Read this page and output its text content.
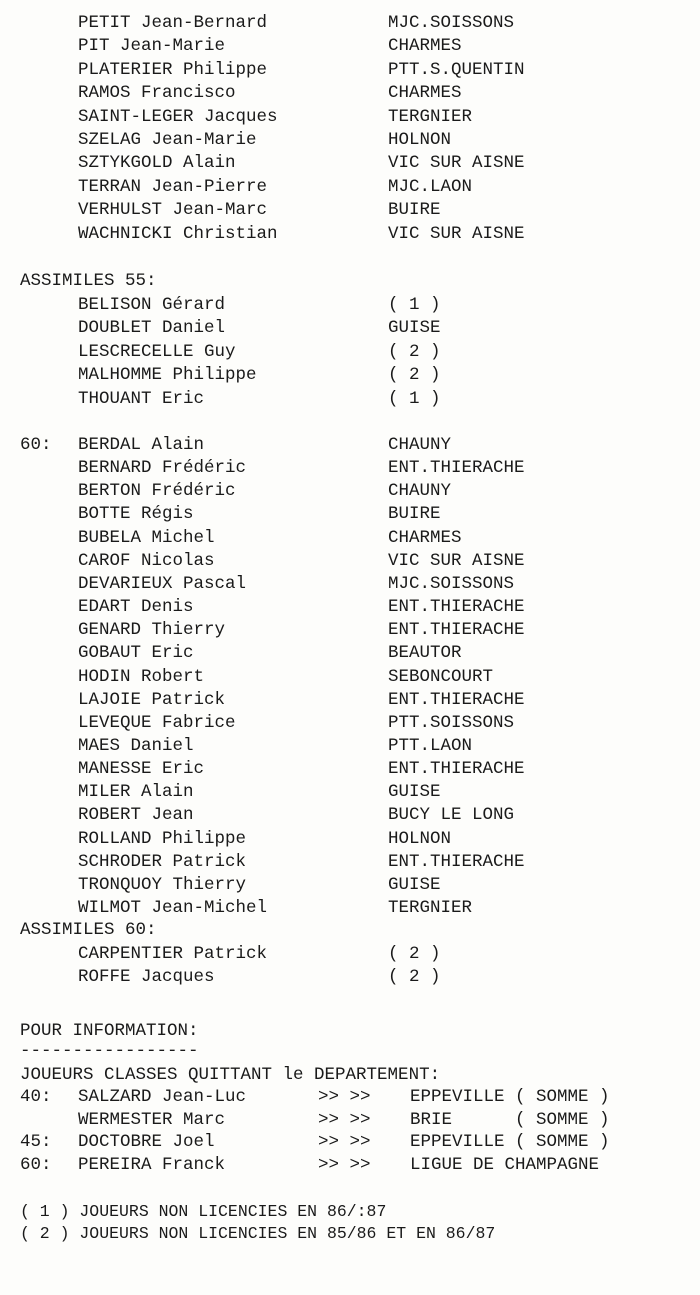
PETIT Jean-Bernard	MJC.SOISSONS
PIT Jean-Marie	CHARMES
PLATERIER Philippe	PTT.S.QUENTIN
RAMOS Francisco	CHARMES
SAINT-LEGER Jacques	TERGNIER
SZELAG Jean-Marie	HOLNON
SZTYKGOLD Alain	VIC SUR AISNE
TERRAN Jean-Pierre	MJC.LAON
VERHULST Jean-Marc	BUIRE
WACHNICKI Christian	VIC SUR AISNE
ASSIMILES 55:
BELISON Gérard	( 1 )
DOUBLET Daniel	GUISE
LESCRECELLE Guy	( 2 )
MALHOMME Philippe	( 2 )
THOUANT Eric	( 1 )
60: BERDAL Alain	CHAUNY
BERNARD Frédéric	ENT.THIERACHE
BERTON Frédéric	CHAUNY
BOTTE Régis	BUIRE
BUBELA Michel	CHARMES
CAROF Nicolas	VIC SUR AISNE
DEVARIEUX Pascal	MJC.SOISSONS
EDART Denis	ENT.THIERACHE
GENARD Thierry	ENT.THIERACHE
GOBAUT Eric	BEAUTOR
HODIN Robert	SEBONCOURT
LAJOIE Patrick	ENT.THIERACHE
LEVEQUE Fabrice	PTT.SOISSONS
MAES Daniel	PTT.LAON
MANESSE Eric	ENT.THIERACHE
MILER Alain	GUISE
ROBERT Jean	BUCY LE LONG
ROLLAND Philippe	HOLNON
SCHRODER Patrick	ENT.THIERACHE
TRONQUOY Thierry	GUISE
WILMOT Jean-Michel	TERGNIER
ASSIMILES 60:
CARPENTIER Patrick	( 2 )
ROFFE Jacques	( 2 )
POUR INFORMATION:
-----------------
JOUEURS CLASSES QUITTANT le DEPARTEMENT:
40: SALZARD Jean-Luc	>> >> EPPEVILLE ( SOMME )
WERMESTER Marc	>> >> BRIE      ( SOMME )
45: DOCTOBRE Joel	>> >> EPPEVILLE ( SOMME )
60: PEREIRA Franck	>> >> LIGUE DE CHAMPAGNE
( 1 ) JOUEURS NON LICENCIES EN 86/:87
( 2 ) JOUEURS NON LICENCIES EN 85/86 ET EN 86/87
